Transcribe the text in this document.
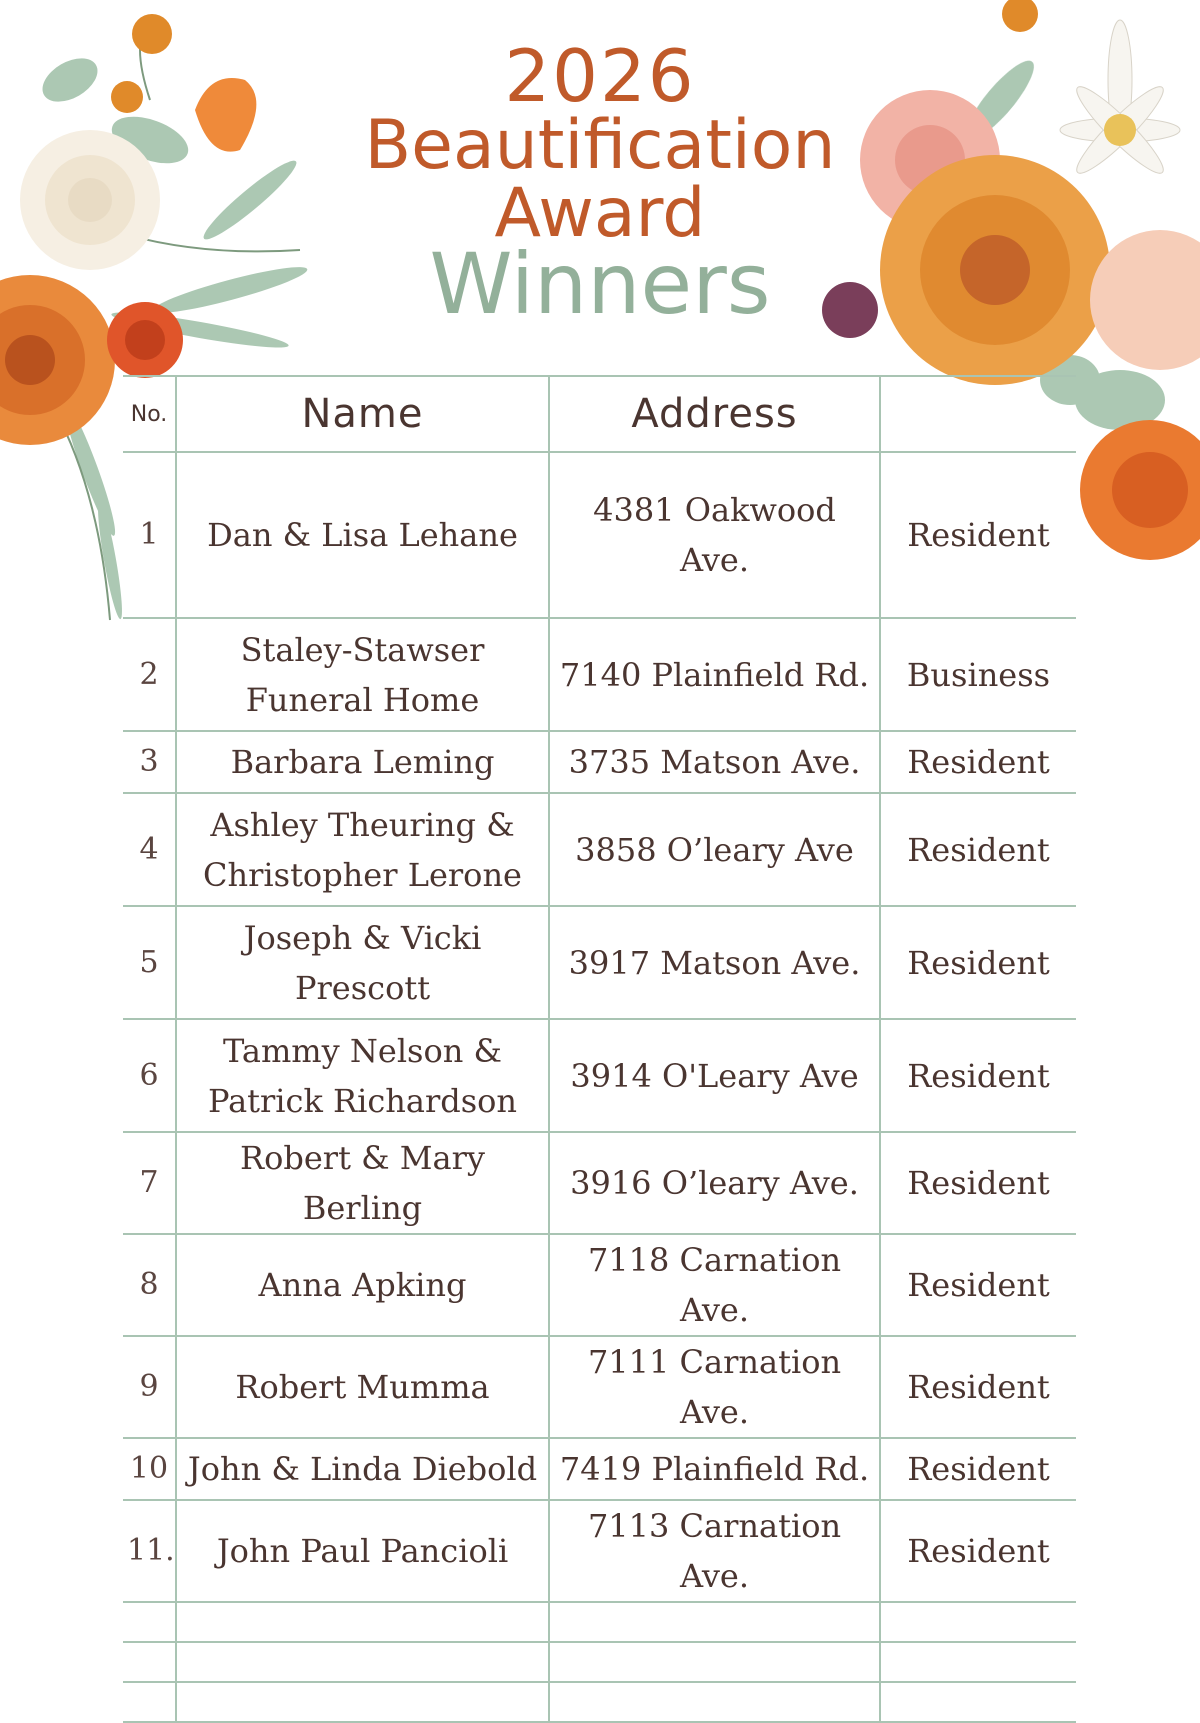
2026
Beautification
Award
Winners
No.	Name	Address	
1	Dan & Lisa Lehane	4381 Oakwood Ave.	Resident
2	Staley-Stawser Funeral Home	7140 Plainfield Rd.	Business
3	Barbara Leming	3735 Matson Ave.	Resident
4	Ashley Theuring & Christopher Lerone	3858 O’leary Ave	Resident
5	Joseph & Vicki Prescott	3917 Matson Ave.	Resident
6	Tammy Nelson & Patrick Richardson	3914 O'Leary Ave	Resident
7	Robert & Mary Berling	3916 O’leary Ave.	Resident
8	Anna Apking	7118 Carnation Ave.	Resident
9	Robert Mumma	7111 Carnation Ave.	Resident
10	John & Linda Diebold	7419 Plainfield Rd.	Resident
11.	John Paul Pancioli	7113 Carnation Ave.	Resident
